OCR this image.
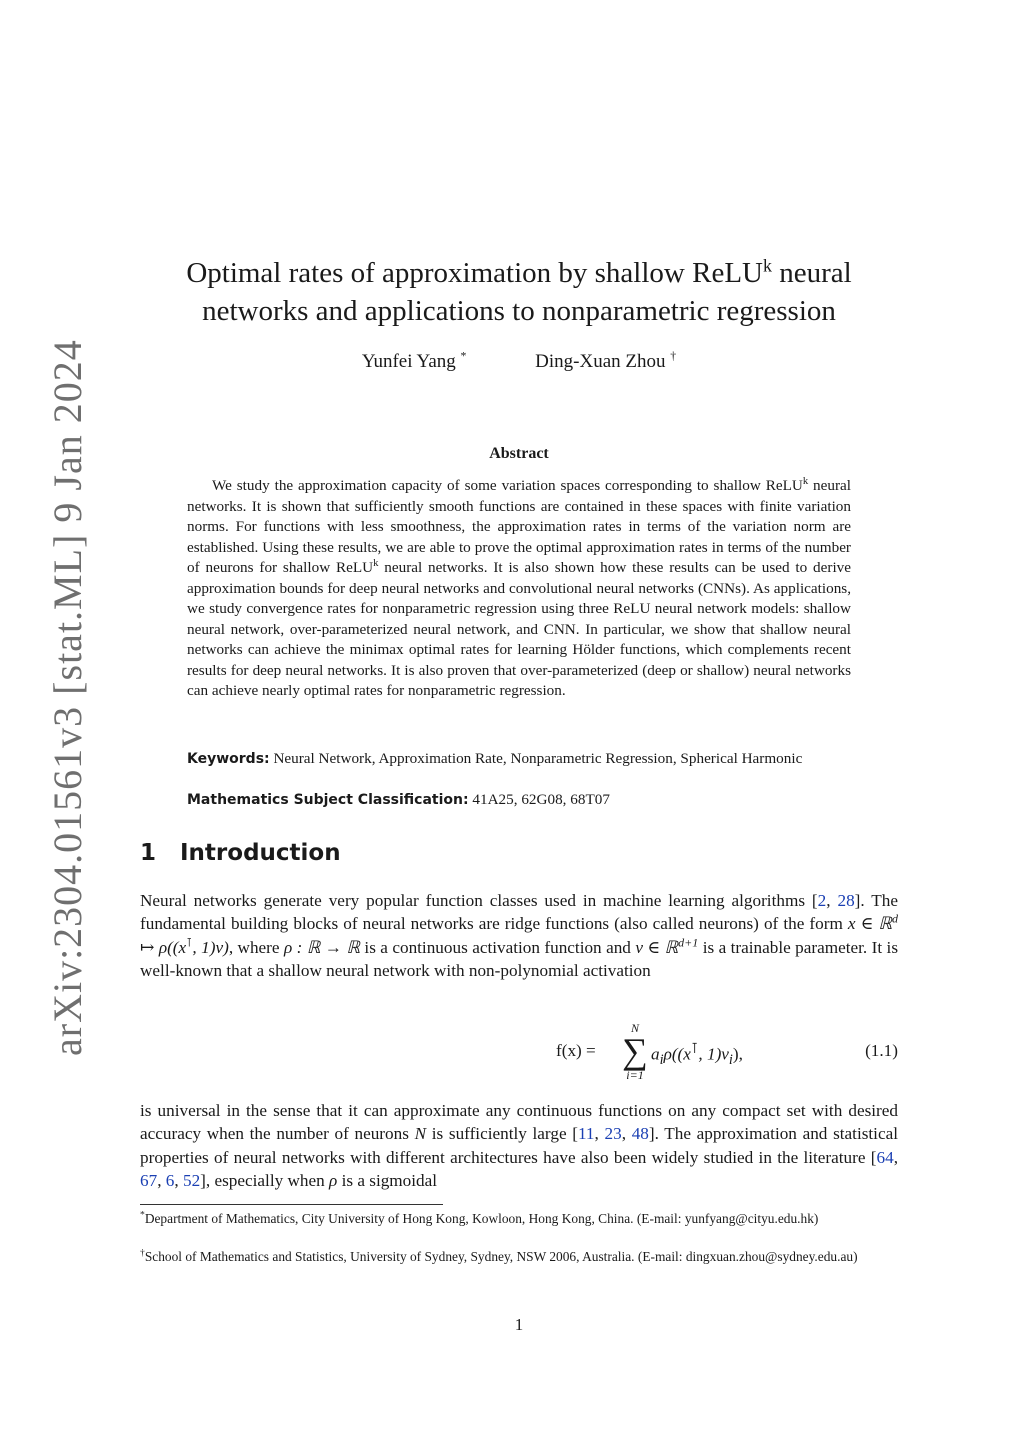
arXiv:2304.01561v3 [stat.ML] 9 Jan 2024
Optimal rates of approximation by shallow ReLU$^k$ neural
networks and applications to nonparametric regression
Yunfei Yang *	Ding-Xuan Zhou †
Abstract

We study the approximation capacity of some variation spaces corresponding to shallow ReLU$^k$ neural networks. It is shown that sufficiently smooth functions are contained in these spaces with finite variation norms. For functions with less smoothness, the approximation rates in terms of the variation norm are established. Using these results, we are able to prove the optimal approximation rates in terms of the number of neurons for shallow ReLU$^k$ neural networks. It is also shown how these results can be used to derive approximation bounds for deep neural networks and convolutional neural networks (CNNs). As applications, we study convergence rates for nonparametric regression using three ReLU neural network models: shallow neural network, over-parameterized neural network, and CNN. In particular, we show that shallow neural networks can achieve the minimax optimal rates for learning Hölder functions, which complements recent results for deep neural networks. It is also proven that over-parameterized (deep or shallow) neural networks can achieve nearly optimal rates for nonparametric regression.

Keywords: Neural Network, Approximation Rate, Nonparametric Regression, Spherical Harmonic

Mathematics Subject Classification: 41A25, 62G08, 68T07

1 Introduction

Neural networks generate very popular function classes used in machine learning algorithms [2, 28]. The fundamental building blocks of neural networks are ridge functions (also called neurons) of the form x ∈ ℝ$^d$ ↦ ρ((x⊺, 1)v), where ρ : ℝ → ℝ is a continuous activation function and v ∈ ℝ$^{d+1}$ is a trainable parameter. It is well-known that a shallow neural network with non-polynomial activation

f(x) =
N
∑
i=1
$a_i\rho((x^⊺$, $1)v_i$),	(1.1)

is universal in the sense that it can approximate any continuous functions on any compact set with desired accuracy when the number of neurons N is sufficiently large [11, 23, 48]. The approximation and statistical properties of neural networks with different architectures have also been widely studied in the literature [64, 67, 6, 52], especially when ρ is a sigmoidal

*Department of Mathematics, City University of Hong Kong, Kowloon, Hong Kong, China. (E-mail: yunfyang@cityu.edu.hk)

†School of Mathematics and Statistics, University of Sydney, Sydney, NSW 2006, Australia. (E-mail: dingxuan.zhou@sydney.edu.au)

1
